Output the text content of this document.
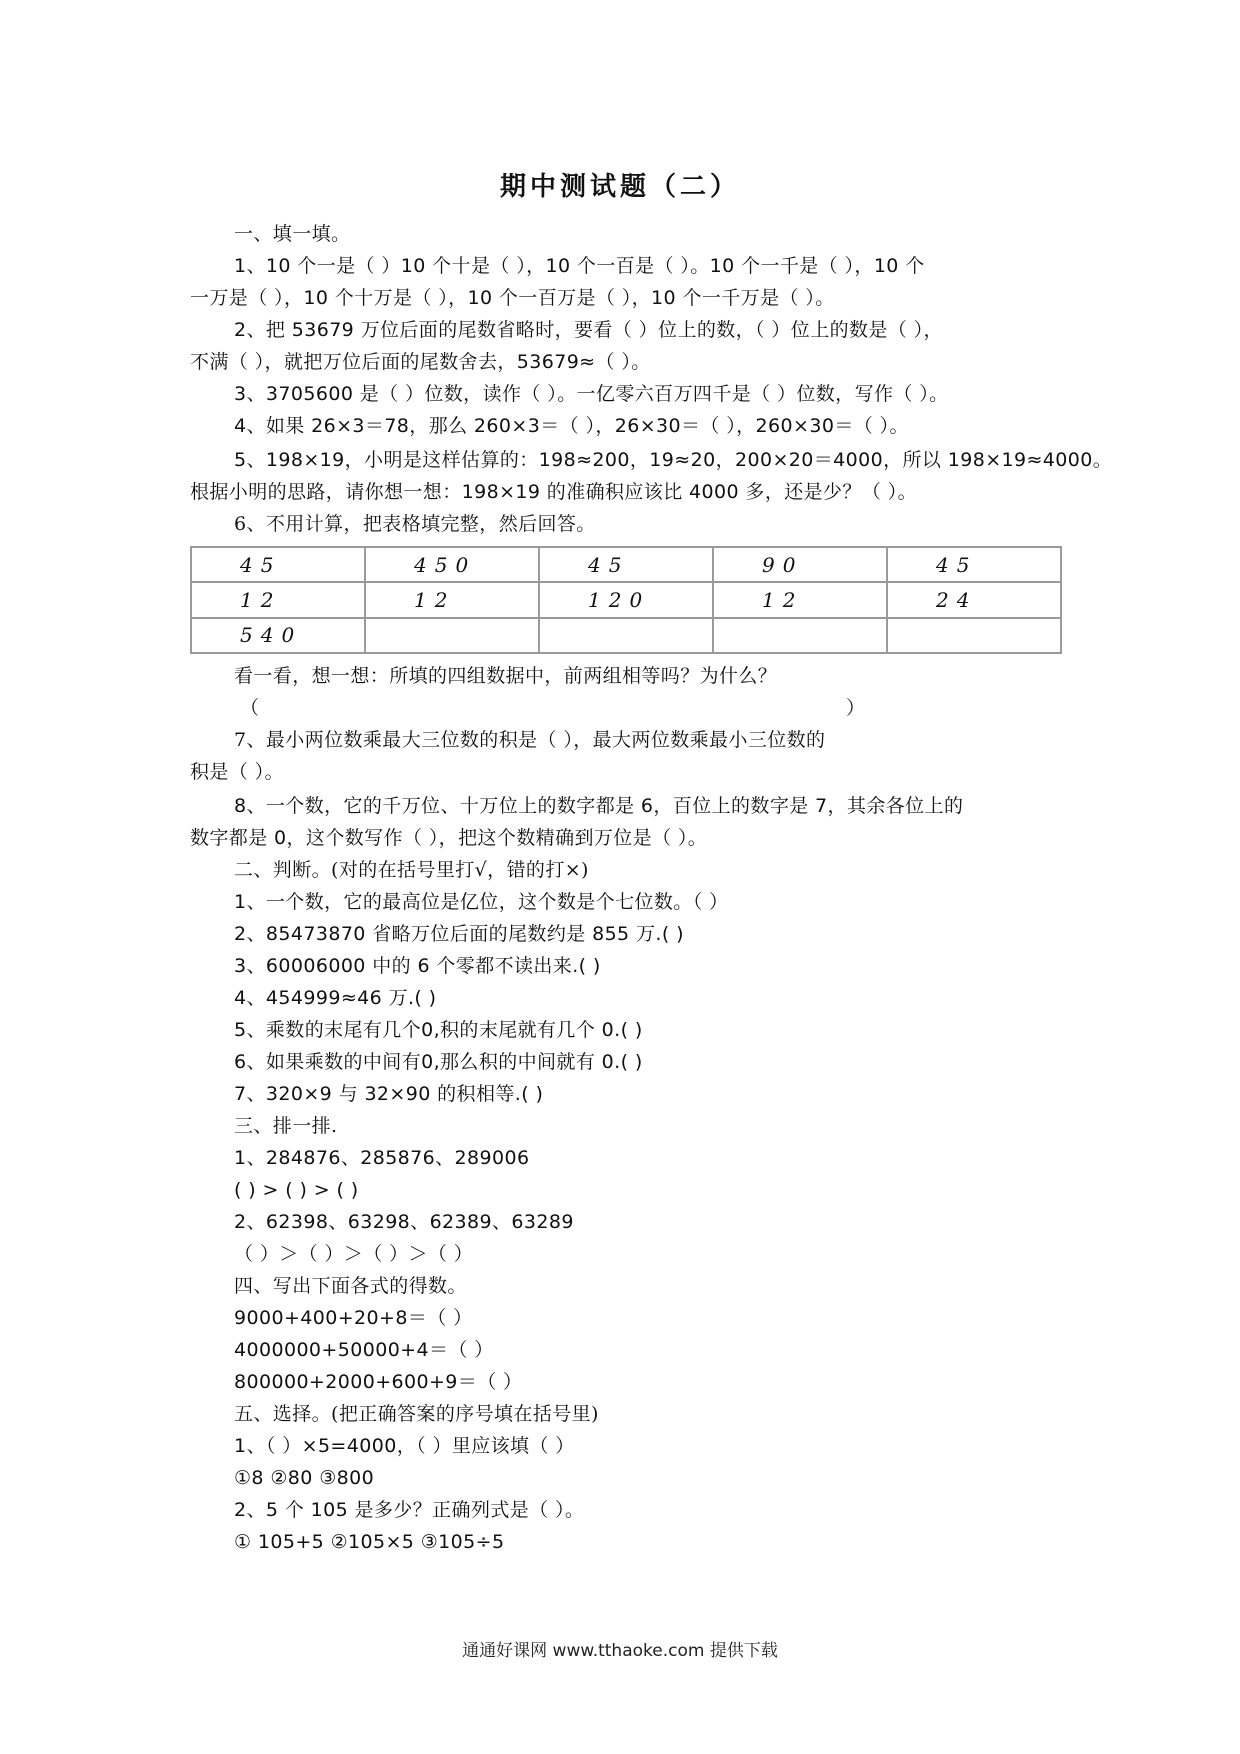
期中测试题（二）
一、填一填。
1、10 个一是（ ）10 个十是（ ），10 个一百是（ ）。10 个一千是（ ），10 个
一万是（ ），10 个十万是（ ），10 个一百万是（ ），10 个一千万是（ ）。
2、把 53679 万位后面的尾数省略时，要看（ ）位上的数，（ ）位上的数是（ ），
不满（ ），就把万位后面的尾数舍去，53679≈（ ）。
3、3705600 是（ ）位数，读作（ ）。一亿零六百万四千是（ ）位数，写作（ ）。
4、如果 26×3＝78，那么 260×3＝（ ），26×30＝（ ），260×30＝（ ）。
5、198×19，小明是这样估算的：198≈200，19≈20，200×20＝4000，所以 198×19≈4000。
根据小明的思路，请你想一想：198×19 的准确积应该比 4000 多，还是少？（ ）。
6、不用计算，把表格填完整，然后回答。
45	450	45	90	45
12	12	120	12	24
540				
看一看，想一想：所填的四组数据中，前两组相等吗？为什么？
（	）
7、最小两位数乘最大三位数的积是（ ），最大两位数乘最小三位数的
积是（ ）。
8、一个数，它的千万位、十万位上的数字都是 6，百位上的数字是 7，其余各位上的
数字都是 0，这个数写作（ ），把这个数精确到万位是（ ）。
二、判断。(对的在括号里打√，错的打×)
1、一个数，它的最高位是亿位，这个数是个七位数。（ ）
2、85473870 省略万位后面的尾数约是 855 万.( )
3、60006000 中的 6 个零都不读出来.( )
4、454999≈46 万.( )
5、乘数的末尾有几个0,积的末尾就有几个 0.( )
6、如果乘数的中间有0,那么积的中间就有 0.( )
7、320×9 与 32×90 的积相等.( )
三、排一排.
1、284876、285876、289006
( ) > ( ) > ( )
2、62398、63298、62389、63289
（ ）＞（ ）＞（ ）＞（ ）
四、写出下面各式的得数。
9000+400+20+8＝（ ）
4000000+50000+4＝（ ）
800000+2000+600+9＝（ ）
五、选择。(把正确答案的序号填在括号里)
1、（ ）×5=4000，（ ）里应该填（ ）
①8 ②80 ③800
2、5 个 105 是多少？正确列式是（ ）。
① 105+5 ②105×5 ③105÷5
通通好课网 www.tthaoke.com 提供下载
